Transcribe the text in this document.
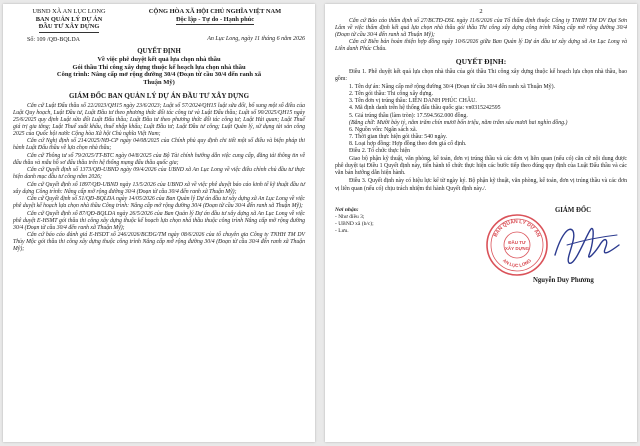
UBND XÃ AN LỤC LONG
BAN QUẢN LÝ DỰ ÁN
ĐẦU TƯ XÂY DỰNG
CỘNG HÒA XÃ HỘI CHỦ NGHĨA VIỆT NAM
Độc lập - Tự do - Hạnh phúc
Số: 109 /QĐ-BQLDA	An Lục Long, ngày 11 tháng 6 năm 2026
QUYẾT ĐỊNH
Về việc phê duyệt kết quả lựa chọn nhà thầu
Gói thầu Thi công xây dựng thuộc kế hoạch lựa chọn nhà thầu
Công trình: Nâng cấp mở rộng đường 30/4 (Đoạn từ cầu 30/4 đến ranh xã
Thuận Mỹ)
GIÁM ĐỐC BAN QUẢN LÝ DỰ ÁN ĐẦU TƯ XÂY DỰNG

Căn cứ Luật Đấu thầu số 22/2023/QH15 ngày 23/6/2023; Luật số 57/2024/QH15 luật sửa đổi, bổ sung một số điều của Luật Quy hoạch, Luật Đầu tư, Luật Đầu tư theo phương thức đối tác công tư và Luật Đấu thầu; Luật số 90/2025/QH15 ngày 25/6/2025 quy định Luật sửa đổi Luật Đấu thầu; Luật Đầu tư theo phương thức đối tác công tư; Luật Hải quan; Luật Thuế giá trị gia tăng; Luật Thuế xuất khẩu, thuế nhập khẩu; Luật Đầu tư; Luật Đầu tư công; Luật Quản lý, sử dụng tài sản công 2025 của Quốc hội nước Cộng hòa Xã hội Chủ nghĩa Việt Nam;

Căn cứ Nghị định số 214/2025/NĐ-CP ngày 04/08/2025 của Chính phủ quy định chi tiết một số điều và biện pháp thi hành Luật Đấu thầu về lựa chọn nhà thầu;

Căn cứ Thông tư số 79/2025/TT-BTC ngày 04/8/2025 của Bộ Tài chính hướng dẫn việc cung cấp, đăng tải thông tin về đấu thầu và mẫu hồ sơ đấu thầu trên hệ thống mạng đấu thầu quốc gia;

Căn cứ Quyết định số 1373/QĐ-UBND ngày 09/4/2026 của UBND xã An Lục Long về việc điều chỉnh chủ đầu tư thực hiện danh mục đầu tư công năm 2026;

Căn cứ Quyết định số 1897/QĐ-UBND ngày 13/5/2026 của UBND xã về việc phê duyệt báo cáo kinh tế kỹ thuật đầu tư xây dựng Công trình: Nâng cấp mở rộng đường 30/4 (Đoạn từ cầu 30/4 đến ranh xã Thuận Mỹ);

Căn cứ Quyết định số 51/QĐ-BQLDA ngày 14/05/2026 của Ban Quản lý Dự án đầu tư xây dựng xã An Lục Long về việc phê duyệt kế hoạch lựa chọn nhà thầu Công trình: Nâng cấp mở rộng đường 30/4 (Đoạn từ cầu 30/4 đến ranh xã Thuận Mỹ);

Căn cứ Quyết định số 87/QĐ-BQLDA ngày 26/5/2026 của Ban Quản lý Dự án đầu tư xây dựng xã An Lục Long về việc phê duyệt E-HSMT gói thầu thi công xây dựng thuộc kế hoạch lựa chọn nhà thầu thuộc công trình Nâng cấp mở rộng đường 30/4 (Đoạn từ cầu 30/4 đến ranh xã Thuận Mỹ);

Căn cứ báo cáo đánh giá E-HSDT số 246/2026/BCĐG/TM ngày 08/6/2026 của tổ chuyên gia Công ty TNHH TM DV Thủy Mộc gói thầu thi công xây dựng thuộc công trình Nâng cấp mở rộng đường 30/4 (Đoạn từ cầu 30/4 đến ranh xã Thuận Mỹ);

2

Căn cứ Báo cáo thẩm định số 27/BCTĐ-DSL ngày 11/6/2026 của Tổ thẩm định thuộc Công ty TNHH TM DV Đại Sơn Lâm về việc thẩm định kết quả lựa chọn nhà thầu gói thầu Thi công xây dựng công trình Nâng cấp mở rộng đường 30/4 (Đoạn từ cầu 30/4 đến ranh xã Thuận Mỹ);

Căn cứ Biên bản hoàn thiện hợp đồng ngày 10/6/2026 giữa Ban Quản lý Dự án đầu tư xây dựng xã An Lục Long và Liên danh Phúc Châu.

QUYẾT ĐỊNH:

Điều 1. Phê duyệt kết quả lựa chọn nhà thầu của gói thầu Thi công xây dựng thuộc kế hoạch lựa chọn nhà thầu, bao gồm:

1. Tên dự án: Nâng cấp mở rộng đường 30/4 (Đoạn từ cầu 30/4 đến ranh xã Thuận Mỹ).
2. Tên gói thầu: Thi công xây dựng.
3. Tên đơn vị trúng thầu: LIÊN DANH PHÚC CHÂU.
4. Mã định danh trên hệ thống đấu thầu quốc gia: vn0315242595
5. Giá trúng thầu (làm tròn): 17.594.562.000 đồng.
(Bằng chữ: Mười bảy tỷ, năm trăm chín mươi bốn triệu, năm trăm sáu mươi hai nghìn đồng.)
6. Nguồn vốn: Ngân sách xã.
7. Thời gian thực hiện gói thầu: 540 ngày.
8. Loại hợp đồng: Hợp đồng theo đơn giá cố định.
Điều 2. Tổ chức thực hiện

Giao bộ phận kỹ thuật, văn phòng, kế toán, đơn vị trúng thầu và các đơn vị liên quan (nếu có) căn cứ nội dung được phê duyệt tại Điều 1 Quyết định này, tiến hành tổ chức thực hiện các bước tiếp theo đúng quy định của Luật Đấu thầu và các văn bản hướng dẫn hiện hành.

Điều 3. Quyết định này có hiệu lực kể từ ngày ký. Bộ phận kỹ thuật, văn phòng, kế toán, đơn vị trúng thầu và các đơn vị liên quan (nếu có) chịu trách nhiệm thi hành Quyết định này./.

Nơi nhận:
- Như điều 3;
- UBND xã (b/c);
- Lưu.
GIÁM ĐỐC
BAN QUẢN LÝ DỰ ÁN
ĐẦU TƯ
XÂY DỰNG
AN LỤC LONG
Nguyễn Duy Phương
